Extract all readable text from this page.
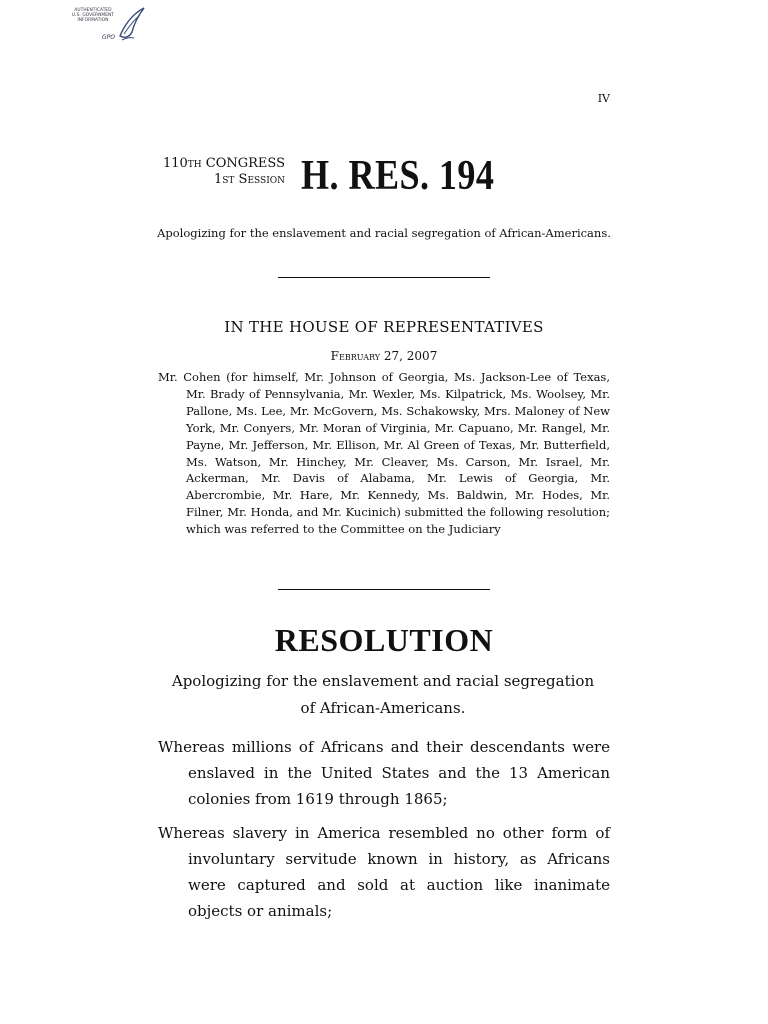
AUTHENTICATED
U.S. GOVERNMENT
INFORMATION
GPO
IV
110th CONGRESS
1st Session H. RES. 194
Apologizing for the enslavement and racial segregation of African-Americans.
IN THE HOUSE OF REPRESENTATIVES
February 27, 2007
Mr. Cohen (for himself, Mr. Johnson of Georgia, Ms. Jackson-Lee of Texas, Mr. Brady of Pennsylvania, Mr. Wexler, Ms. Kilpatrick, Ms. Woolsey, Mr. Pallone, Ms. Lee, Mr. McGovern, Ms. Schakowsky, Mrs. Maloney of New York, Mr. Conyers, Mr. Moran of Virginia, Mr. Capuano, Mr. Rangel, Mr. Payne, Mr. Jefferson, Mr. Ellison, Mr. Al Green of Texas, Mr. Butterfield, Ms. Watson, Mr. Hinchey, Mr. Cleaver, Ms. Carson, Mr. Israel, Mr. Ackerman, Mr. Davis of Alabama, Mr. Lewis of Georgia, Mr. Abercrombie, Mr. Hare, Mr. Kennedy, Ms. Baldwin, Mr. Hodes, Mr. Filner, Mr. Honda, and Mr. Kucinich) submitted the following resolution; which was referred to the Committee on the Judiciary
RESOLUTION
Apologizing for the enslavement and racial segregation of African-Americans.
Whereas millions of Africans and their descendants were enslaved in the United States and the 13 American colonies from 1619 through 1865;
Whereas slavery in America resembled no other form of involuntary servitude known in history, as Africans were captured and sold at auction like inanimate objects or animals;
